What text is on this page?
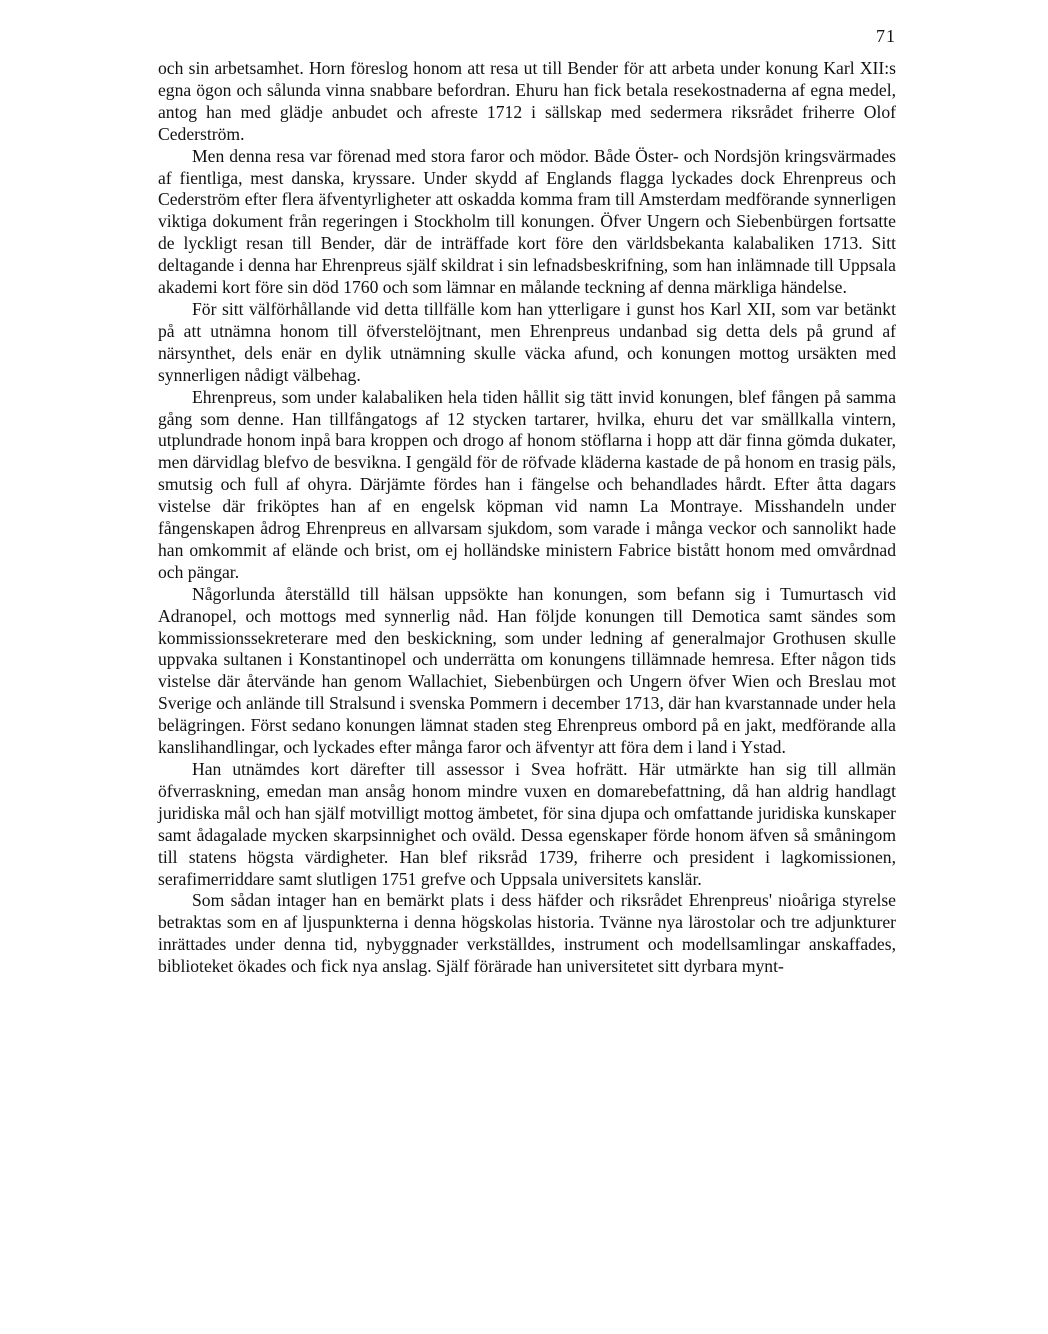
71

och sin arbetsamhet. Horn föreslog honom att resa ut till Bender för att arbeta under konung Karl XII:s egna ögon och sålunda vinna snabbare befordran. Ehuru han fick betala resekostnaderna af egna medel, antog han med glädje anbudet och afreste 1712 i sällskap med sedermera riksrådet friherre Olof Cederström.

Men denna resa var förenad med stora faror och mödor. Både Öster- och Nordsjön kringsvärmades af fientliga, mest danska, kryssare. Under skydd af Englands flagga lyckades dock Ehrenpreus och Cederström efter flera äfventyrligheter att oskadda komma fram till Amsterdam medförande synnerligen viktiga dokument från regeringen i Stockholm till konungen. Öfver Ungern och Siebenbürgen fortsatte de lyckligt resan till Bender, där de inträffade kort före den världsbekanta kalabaliken 1713. Sitt deltagande i denna har Ehrenpreus själf skildrat i sin lefnadsbeskrifning, som han inlämnade till Uppsala akademi kort före sin död 1760 och som lämnar en målande teckning af denna märkliga händelse.

För sitt välförhållande vid detta tillfälle kom han ytterligare i gunst hos Karl XII, som var betänkt på att utnämna honom till öfverstelöjtnant, men Ehrenpreus undanbad sig detta dels på grund af närsynthet, dels enär en dylik utnämning skulle väcka afund, och konungen mottog ursäkten med synnerligen nådigt välbehag.

Ehrenpreus, som under kalabaliken hela tiden hållit sig tätt invid konungen, blef fången på samma gång som denne. Han tillfångatogs af 12 stycken tartarer, hvilka, ehuru det var smällkalla vintern, utplundrade honom inpå bara kroppen och drogo af honom stöflarna i hopp att där finna gömda dukater, men därvidlag blefvo de besvikna. I gengäld för de röfvade kläderna kastade de på honom en trasig päls, smutsig och full af ohyra. Därjämte fördes han i fängelse och behandlades hårdt. Efter åtta dagars vistelse där friköptes han af en engelsk köpman vid namn La Montraye. Misshandeln under fångenskapen ådrog Ehrenpreus en allvarsam sjukdom, som varade i många veckor och sannolikt hade han omkommit af elände och brist, om ej holländske ministern Fabrice bistått honom med omvårdnad och pängar.

Någorlunda återställd till hälsan uppsökte han konungen, som befann sig i Tumurtasch vid Adranopel, och mottogs med synnerlig nåd. Han följde konungen till Demotica samt sändes som kommissionssekreterare med den beskickning, som under ledning af generalmajor Grothusen skulle uppvaka sultanen i Konstantinopel och underrätta om konungens tillämnade hemresa. Efter någon tids vistelse där återvände han genom Wallachiet, Siebenbürgen och Ungern öfver Wien och Breslau mot Sverige och anlände till Stralsund i svenska Pommern i december 1713, där han kvarstannade under hela belägringen. Först sedano konungen lämnat staden steg Ehrenpreus ombord på en jakt, medförande alla kanslihandlingar, och lyckades efter många faror och äfventyr att föra dem i land i Ystad.

Han utnämdes kort därefter till assessor i Svea hofrätt. Här utmärkte han sig till allmän öfverraskning, emedan man ansåg honom mindre vuxen en domarebefattning, då han aldrig handlagt juridiska mål och han själf motvilligt mottog ämbetet, för sina djupa och omfattande juridiska kunskaper samt ådagalade mycken skarpsinnighet och oväld. Dessa egenskaper förde honom äfven så småningom till statens högsta värdigheter. Han blef riksråd 1739, friherre och president i lagkomissionen, serafimerriddare samt slutligen 1751 grefve och Uppsala universitets kanslär.

Som sådan intager han en bemärkt plats i dess häfder och riksrådet Ehrenpreus' nioåriga styrelse betraktas som en af ljuspunkterna i denna högskolas historia. Tvänne nya lärostolar och tre adjunkturer inrättades under denna tid, nybyggnader verkställdes, instrument och modellsamlingar anskaffades, biblioteket ökades och fick nya anslag. Själf förärade han universitetet sitt dyrbara mynt-
